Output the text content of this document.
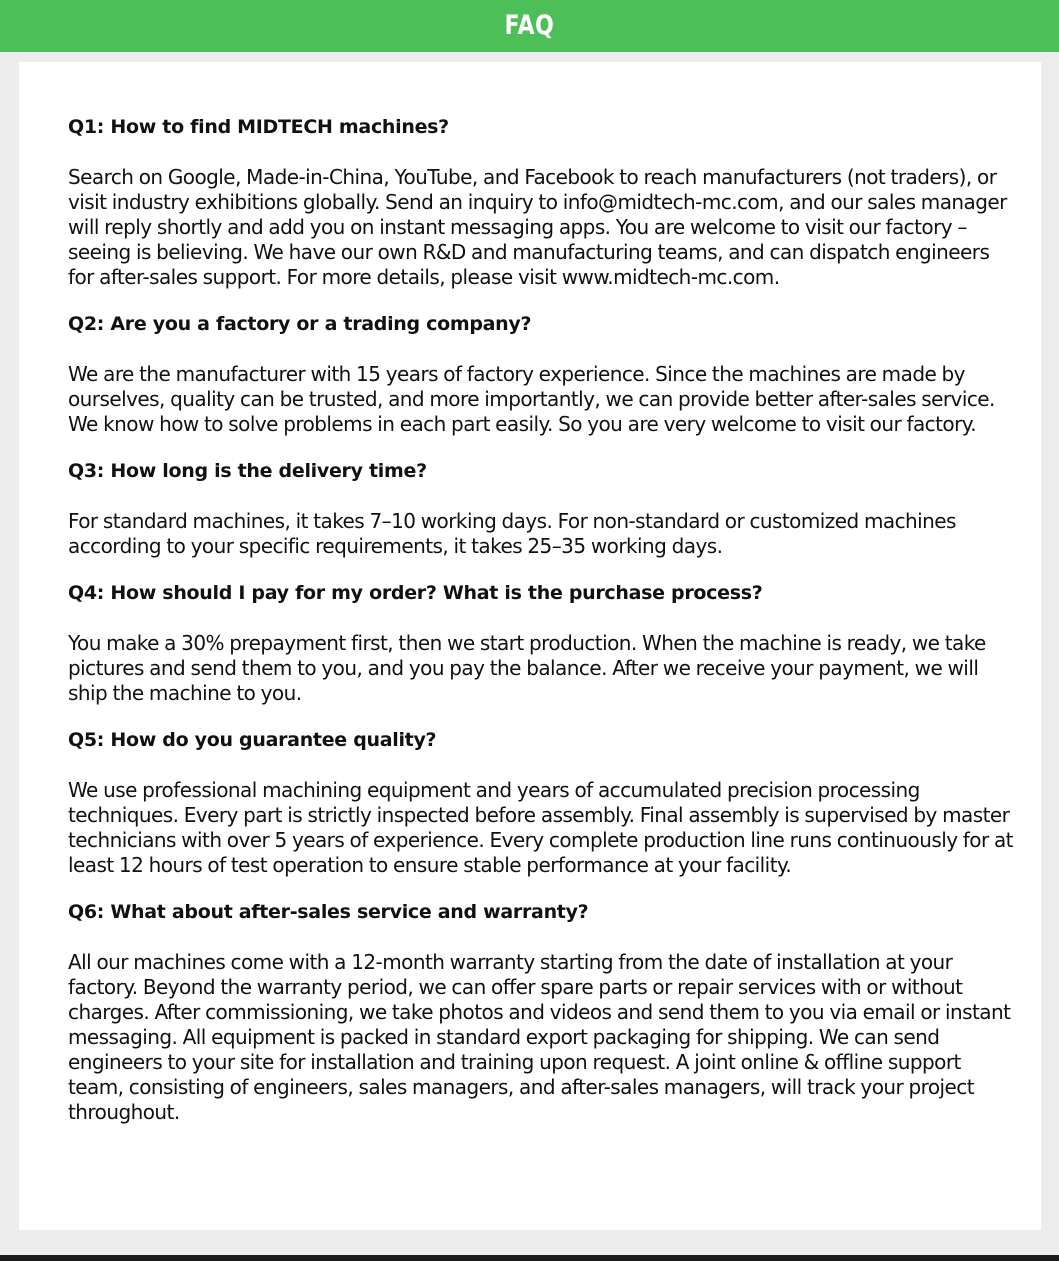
FAQ

Q1: How to find MIDTECH machines?

Search on Google, Made-in-China, YouTube, and Facebook to reach manufacturers (not traders), or visit industry exhibitions globally. Send an inquiry to info@midtech-mc.com, and our sales manager will reply shortly and add you on instant messaging apps. You are welcome to visit our factory – seeing is believing. We have our own R&D and manufacturing teams, and can dispatch engineers for after-sales support. For more details, please visit www.midtech-mc.com.

Q2: Are you a factory or a trading company?

We are the manufacturer with 15 years of factory experience. Since the machines are made by ourselves, quality can be trusted, and more importantly, we can provide better after-sales service. We know how to solve problems in each part easily. So you are very welcome to visit our factory.

Q3: How long is the delivery time?

For standard machines, it takes 7–10 working days. For non-standard or customized machines according to your specific requirements, it takes 25–35 working days.

Q4: How should I pay for my order? What is the purchase process?

You make a 30% prepayment first, then we start production. When the machine is ready, we take pictures and send them to you, and you pay the balance. After we receive your payment, we will ship the machine to you.

Q5: How do you guarantee quality?

We use professional machining equipment and years of accumulated precision processing techniques. Every part is strictly inspected before assembly. Final assembly is supervised by master technicians with over 5 years of experience. Every complete production line runs continuously for at least 12 hours of test operation to ensure stable performance at your facility.

Q6: What about after-sales service and warranty?

All our machines come with a 12-month warranty starting from the date of installation at your factory. Beyond the warranty period, we can offer spare parts or repair services with or without charges. After commissioning, we take photos and videos and send them to you via email or instant messaging. All equipment is packed in standard export packaging for shipping. We can send engineers to your site for installation and training upon request. A joint online & offline support team, consisting of engineers, sales managers, and after-sales managers, will track your project throughout.
